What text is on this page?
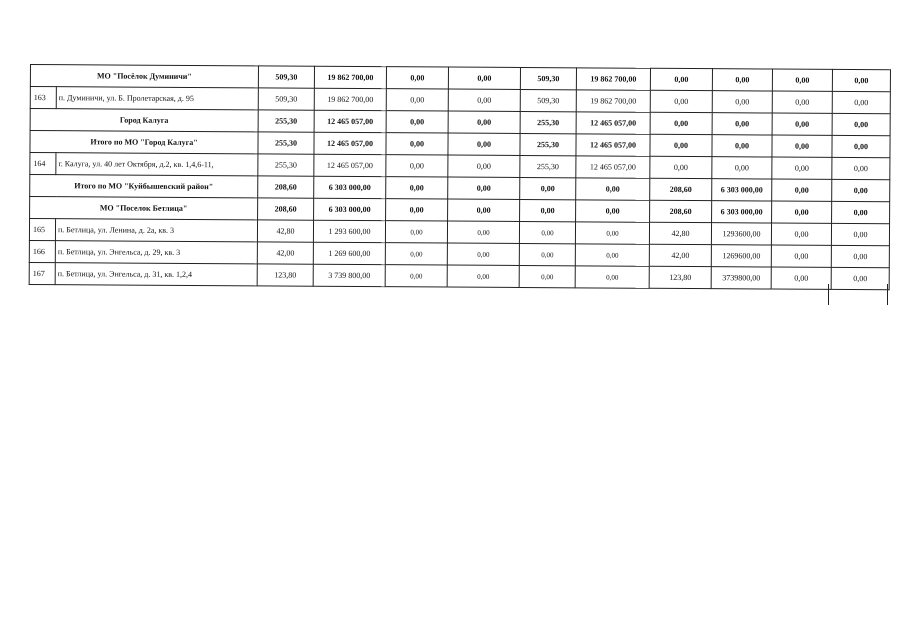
МО "Посёлок Думиничи"		509,30	19 862 700,00	0,00	0,00	509,30	19 862 700,00	0,00	0,00	0,00	0,00
163	п. Думиничи, ул. Б. Пролетарская, д. 95	509,30	19 862 700,00	0,00	0,00	509,30	19 862 700,00	0,00	0,00	0,00	0,00
Город Калуга		255,30	12 465 057,00	0,00	0,00	255,30	12 465 057,00	0,00	0,00	0,00	0,00
Итого по МО "Город Калуга"		255,30	12 465 057,00	0,00	0,00	255,30	12 465 057,00	0,00	0,00	0,00	0,00
164	г. Калуга, ул. 40 лет Октября, д.2, кв. 1,4,6-11,	255,30	12 465 057,00	0,00	0,00	255,30	12 465 057,00	0,00	0,00	0,00	0,00
Итого по МО "Куйбышевский район"		208,60	6 303 000,00	0,00	0,00	0,00	0,00	208,60	6 303 000,00	0,00	0,00
МО "Поселок Бетлица"		208,60	6 303 000,00	0,00	0,00	0,00	0,00	208,60	6 303 000,00	0,00	0,00
165	п. Бетлица, ул. Ленина, д. 2а, кв. 3	42,80	1 293 600,00	0,00	0,00	0,00	0,00	42,80	1293600,00	0,00	0,00
166	п. Бетлица, ул. Энгельса, д. 29, кв. 3	42,00	1 269 600,00	0,00	0,00	0,00	0,00	42,00	1269600,00	0,00	0,00
167	п. Бетлица, ул. Энгельса, д. 31, кв. 1,2,4	123,80	3 739 800,00	0,00	0,00	0,00	0,00	123,80	3739800,00	0,00	0,00
